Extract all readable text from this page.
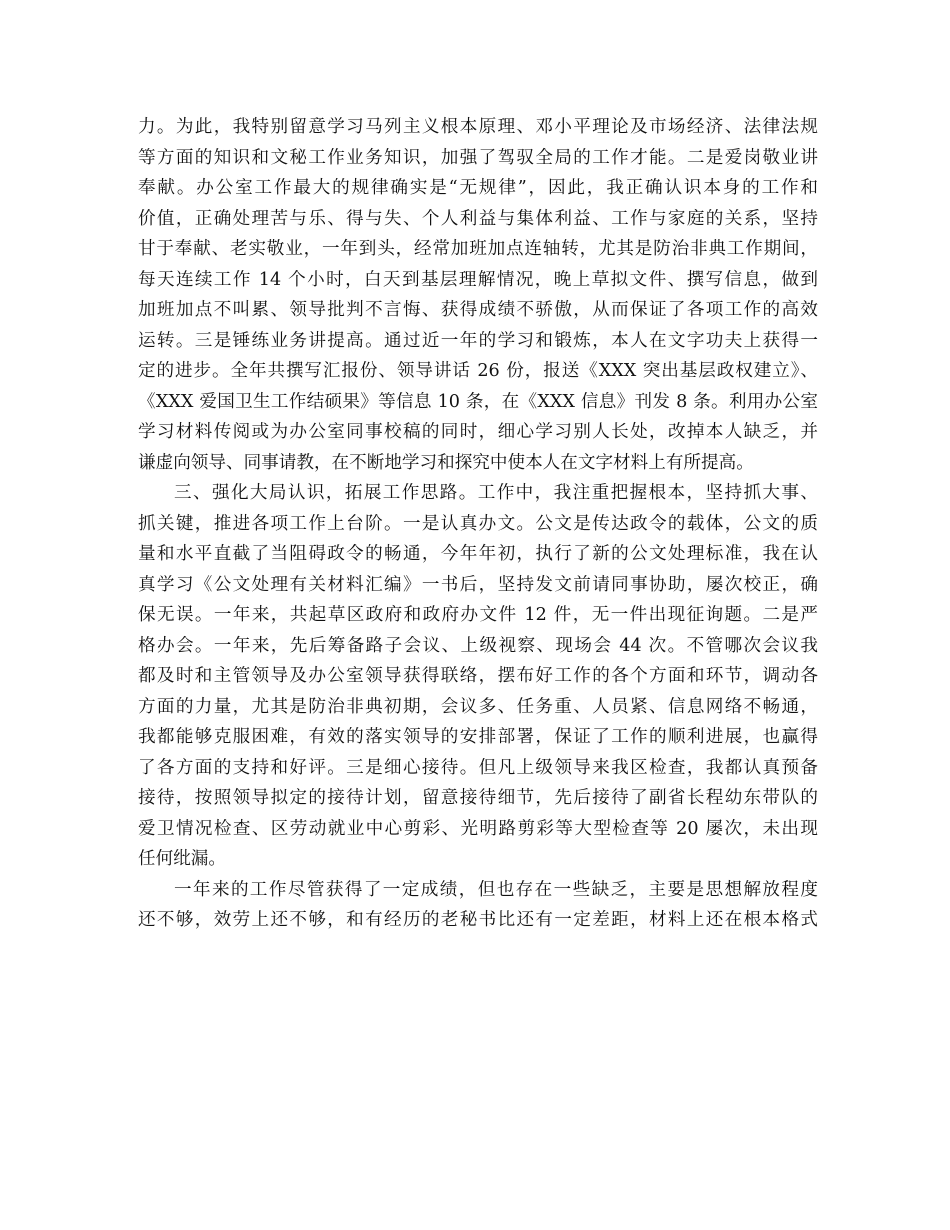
力。为此，我特别留意学习马列主义根本原理、邓小平理论及市场经济、法律法规
等方面的知识和文秘工作业务知识，加强了驾驭全局的工作才能。二是爱岗敬业讲
奉献。办公室工作最大的规律确实是“无规律”，因此，我正确认识本身的工作和
价值，正确处理苦与乐、得与失、个人利益与集体利益、工作与家庭的关系，坚持
甘于奉献、老实敬业，一年到头，经常加班加点连轴转，尤其是防治非典工作期间，
每天连续工作 14 个小时，白天到基层理解情况，晚上草拟文件、撰写信息，做到
加班加点不叫累、领导批判不言悔、获得成绩不骄傲，从而保证了各项工作的高效
运转。三是锤练业务讲提高。通过近一年的学习和锻炼，本人在文字功夫上获得一
定的进步。全年共撰写汇报份、领导讲话 26 份，报送《XXX 突出基层政权建立》、
《XXX 爱国卫生工作结硕果》等信息 10 条，在《XXX 信息》刊发 8 条。利用办公室
学习材料传阅或为办公室同事校稿的同时，细心学习别人长处，改掉本人缺乏，并
谦虚向领导、同事请教，在不断地学习和探究中使本人在文字材料上有所提高。
三、强化大局认识，拓展工作思路。工作中，我注重把握根本，坚持抓大事、
抓关键，推进各项工作上台阶。一是认真办文。公文是传达政令的载体，公文的质
量和水平直截了当阻碍政令的畅通，今年年初，执行了新的公文处理标准，我在认
真学习《公文处理有关材料汇编》一书后，坚持发文前请同事协助，屡次校正，确
保无误。一年来，共起草区政府和政府办文件 12 件，无一件出现征询题。二是严
格办会。一年来，先后筹备路子会议、上级视察、现场会 44 次。不管哪次会议我
都及时和主管领导及办公室领导获得联络，摆布好工作的各个方面和环节，调动各
方面的力量，尤其是防治非典初期，会议多、任务重、人员紧、信息网络不畅通，
我都能够克服困难，有效的落实领导的安排部署，保证了工作的顺利进展，也赢得
了各方面的支持和好评。三是细心接待。但凡上级领导来我区检查，我都认真预备
接待，按照领导拟定的接待计划，留意接待细节，先后接待了副省长程幼东带队的
爱卫情况检查、区劳动就业中心剪彩、光明路剪彩等大型检查等 20 屡次，未出现
任何纰漏。
一年来的工作尽管获得了一定成绩，但也存在一些缺乏，主要是思想解放程度
还不够，效劳上还不够，和有经历的老秘书比还有一定差距，材料上还在根本格式
